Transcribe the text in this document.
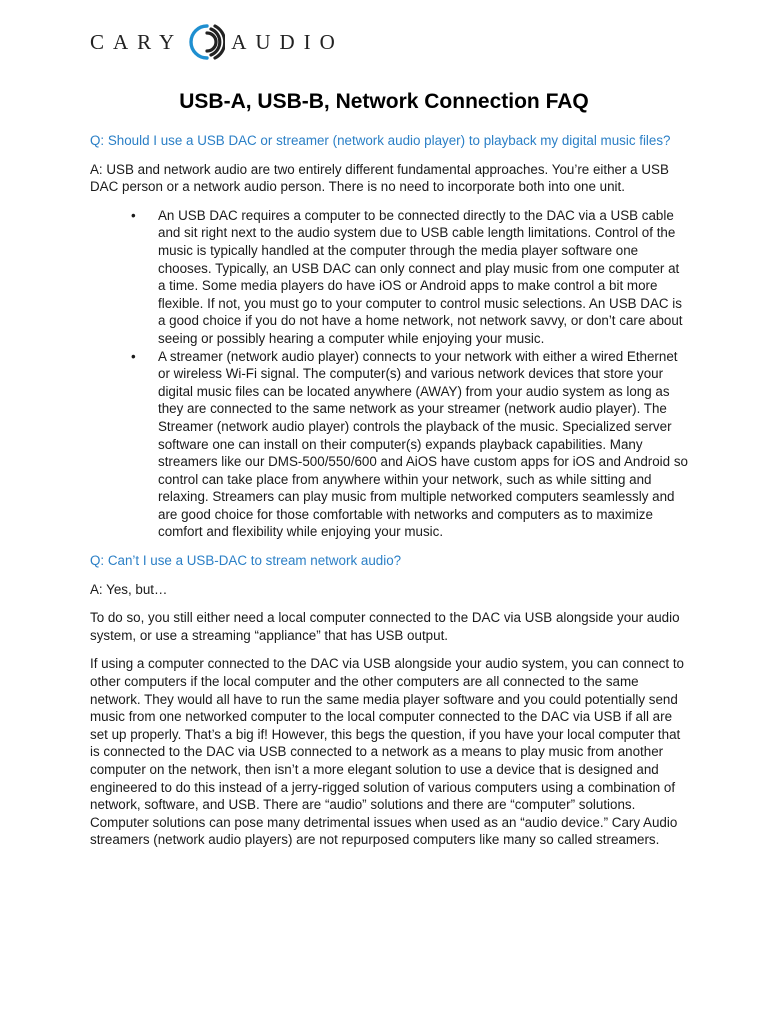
CARY AUDIO
USB-A, USB-B, Network Connection FAQ

Q: Should I use a USB DAC or streamer (network audio player) to playback my digital music files?

A: USB and network audio are two entirely different fundamental approaches. You’re either a USB DAC person or a network audio person. There is no need to incorporate both into one unit.

• An USB DAC requires a computer to be connected directly to the DAC via a USB cable and sit right next to the audio system due to USB cable length limitations. Control of the music is typically handled at the computer through the media player software one chooses. Typically, an USB DAC can only connect and play music from one computer at a time. Some media players do have iOS or Android apps to make control a bit more flexible. If not, you must go to your computer to control music selections. An USB DAC is a good choice if you do not have a home network, not network savvy, or don’t care about seeing or possibly hearing a computer while enjoying your music.
• A streamer (network audio player) connects to your network with either a wired Ethernet or wireless Wi-Fi signal. The computer(s) and various network devices that store your digital music files can be located anywhere (AWAY) from your audio system as long as they are connected to the same network as your streamer (network audio player). The Streamer (network audio player) controls the playback of the music. Specialized server software one can install on their computer(s) expands playback capabilities. Many streamers like our DMS-500/550/600 and AiOS have custom apps for iOS and Android so control can take place from anywhere within your network, such as while sitting and relaxing. Streamers can play music from multiple networked computers seamlessly and are good choice for those comfortable with networks and computers as to maximize comfort and flexibility while enjoying your music.

Q: Can’t I use a USB-DAC to stream network audio?

A: Yes, but…

To do so, you still either need a local computer connected to the DAC via USB alongside your audio system, or use a streaming “appliance” that has USB output.

If using a computer connected to the DAC via USB alongside your audio system, you can connect to other computers if the local computer and the other computers are all connected to the same network. They would all have to run the same media player software and you could potentially send music from one networked computer to the local computer connected to the DAC via USB if all are set up properly. That’s a big if! However, this begs the question, if you have your local computer that is connected to the DAC via USB connected to a network as a means to play music from another computer on the network, then isn’t a more elegant solution to use a device that is designed and engineered to do this instead of a jerry-rigged solution of various computers using a combination of network, software, and USB. There are “audio” solutions and there are “computer” solutions. Computer solutions can pose many detrimental issues when used as an “audio device.” Cary Audio streamers (network audio players) are not repurposed computers like many so called streamers.
